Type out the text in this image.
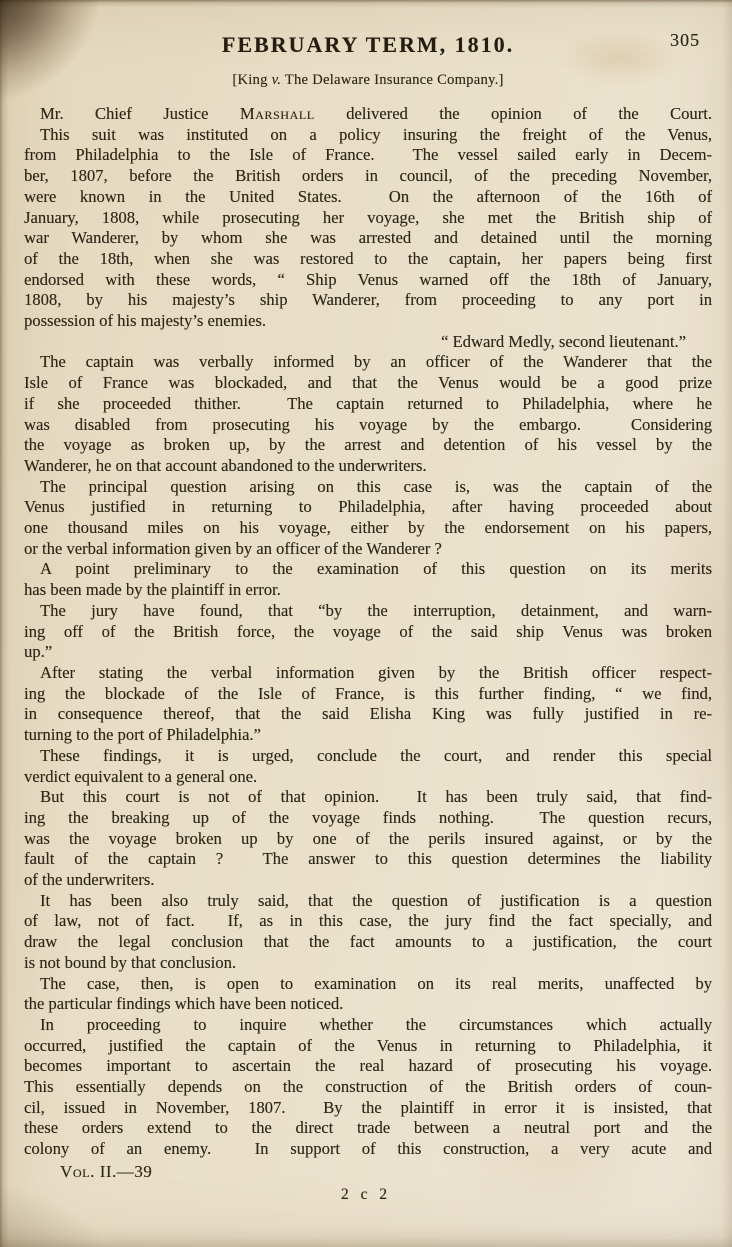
305
FEBRUARY TERM, 1810.
[King v. The Delaware Insurance Company.]
Mr. Chief Justice Marshall delivered the opinion of the Court.
This suit was instituted on a policy insuring the freight of the Venus,
from Philadelphia to the Isle of France.  The vessel sailed early in Decem-
ber, 1807, before the British orders in council, of the preceding November,
were known in the United States.  On the afternoon of the 16th of
January, 1808, while prosecuting her voyage, she met the British ship of
war Wanderer, by whom she was arrested and detained until the morning
of the 18th, when she was restored to the captain, her papers being first
endorsed with these words, “ Ship Venus warned off the 18th of January,
1808, by his majesty’s ship Wanderer, from proceeding to any port in
possession of his majesty’s enemies.
“ Edward Medly, second lieutenant.”
The captain was verbally informed by an officer of the Wanderer that the
Isle of France was blockaded, and that the Venus would be a good prize
if she proceeded thither.  The captain returned to Philadelphia, where he
was disabled from prosecuting his voyage by the embargo.  Considering
the voyage as broken up, by the arrest and detention of his vessel by the
Wanderer, he on that account abandoned to the underwriters.
The principal question arising on this case is, was the captain of the
Venus justified in returning to Philadelphia, after having proceeded about
one thousand miles on his voyage, either by the endorsement on his papers,
or the verbal information given by an officer of the Wanderer ?
A point preliminary to the examination of this question on its merits
has been made by the plaintiff in error.
The jury have found, that “by the interruption, detainment, and warn-
ing off of the British force, the voyage of the said ship Venus was broken
up.”
After stating the verbal information given by the British officer respect-
ing the blockade of the Isle of France, is this further finding, “ we find,
in consequence thereof, that the said Elisha King was fully justified in re-
turning to the port of Philadelphia.”
These findings, it is urged, conclude the court, and render this special
verdict equivalent to a general one.
But this court is not of that opinion.  It has been truly said, that find-
ing the breaking up of the voyage finds nothing.  The question recurs,
was the voyage broken up by one of the perils insured against, or by the
fault of the captain ?  The answer to this question determines the liability
of the underwriters.
It has been also truly said, that the question of justification is a question
of law, not of fact.  If, as in this case, the jury find the fact specially, and
draw the legal conclusion that the fact amounts to a justification, the court
is not bound by that conclusion.
The case, then, is open to examination on its real merits, unaffected by
the particular findings which have been noticed.
In proceeding to inquire whether the circumstances which actually
occurred, justified the captain of the Venus in returning to Philadelphia, it
becomes important to ascertain the real hazard of prosecuting his voyage.
This essentially depends on the construction of the British orders of coun-
cil, issued in November, 1807.  By the plaintiff in error it is insisted, that
these orders extend to the direct trade between a neutral port and the
colony of an enemy.  In support of this construction, a very acute and
Vol. II.—39
2 c 2
